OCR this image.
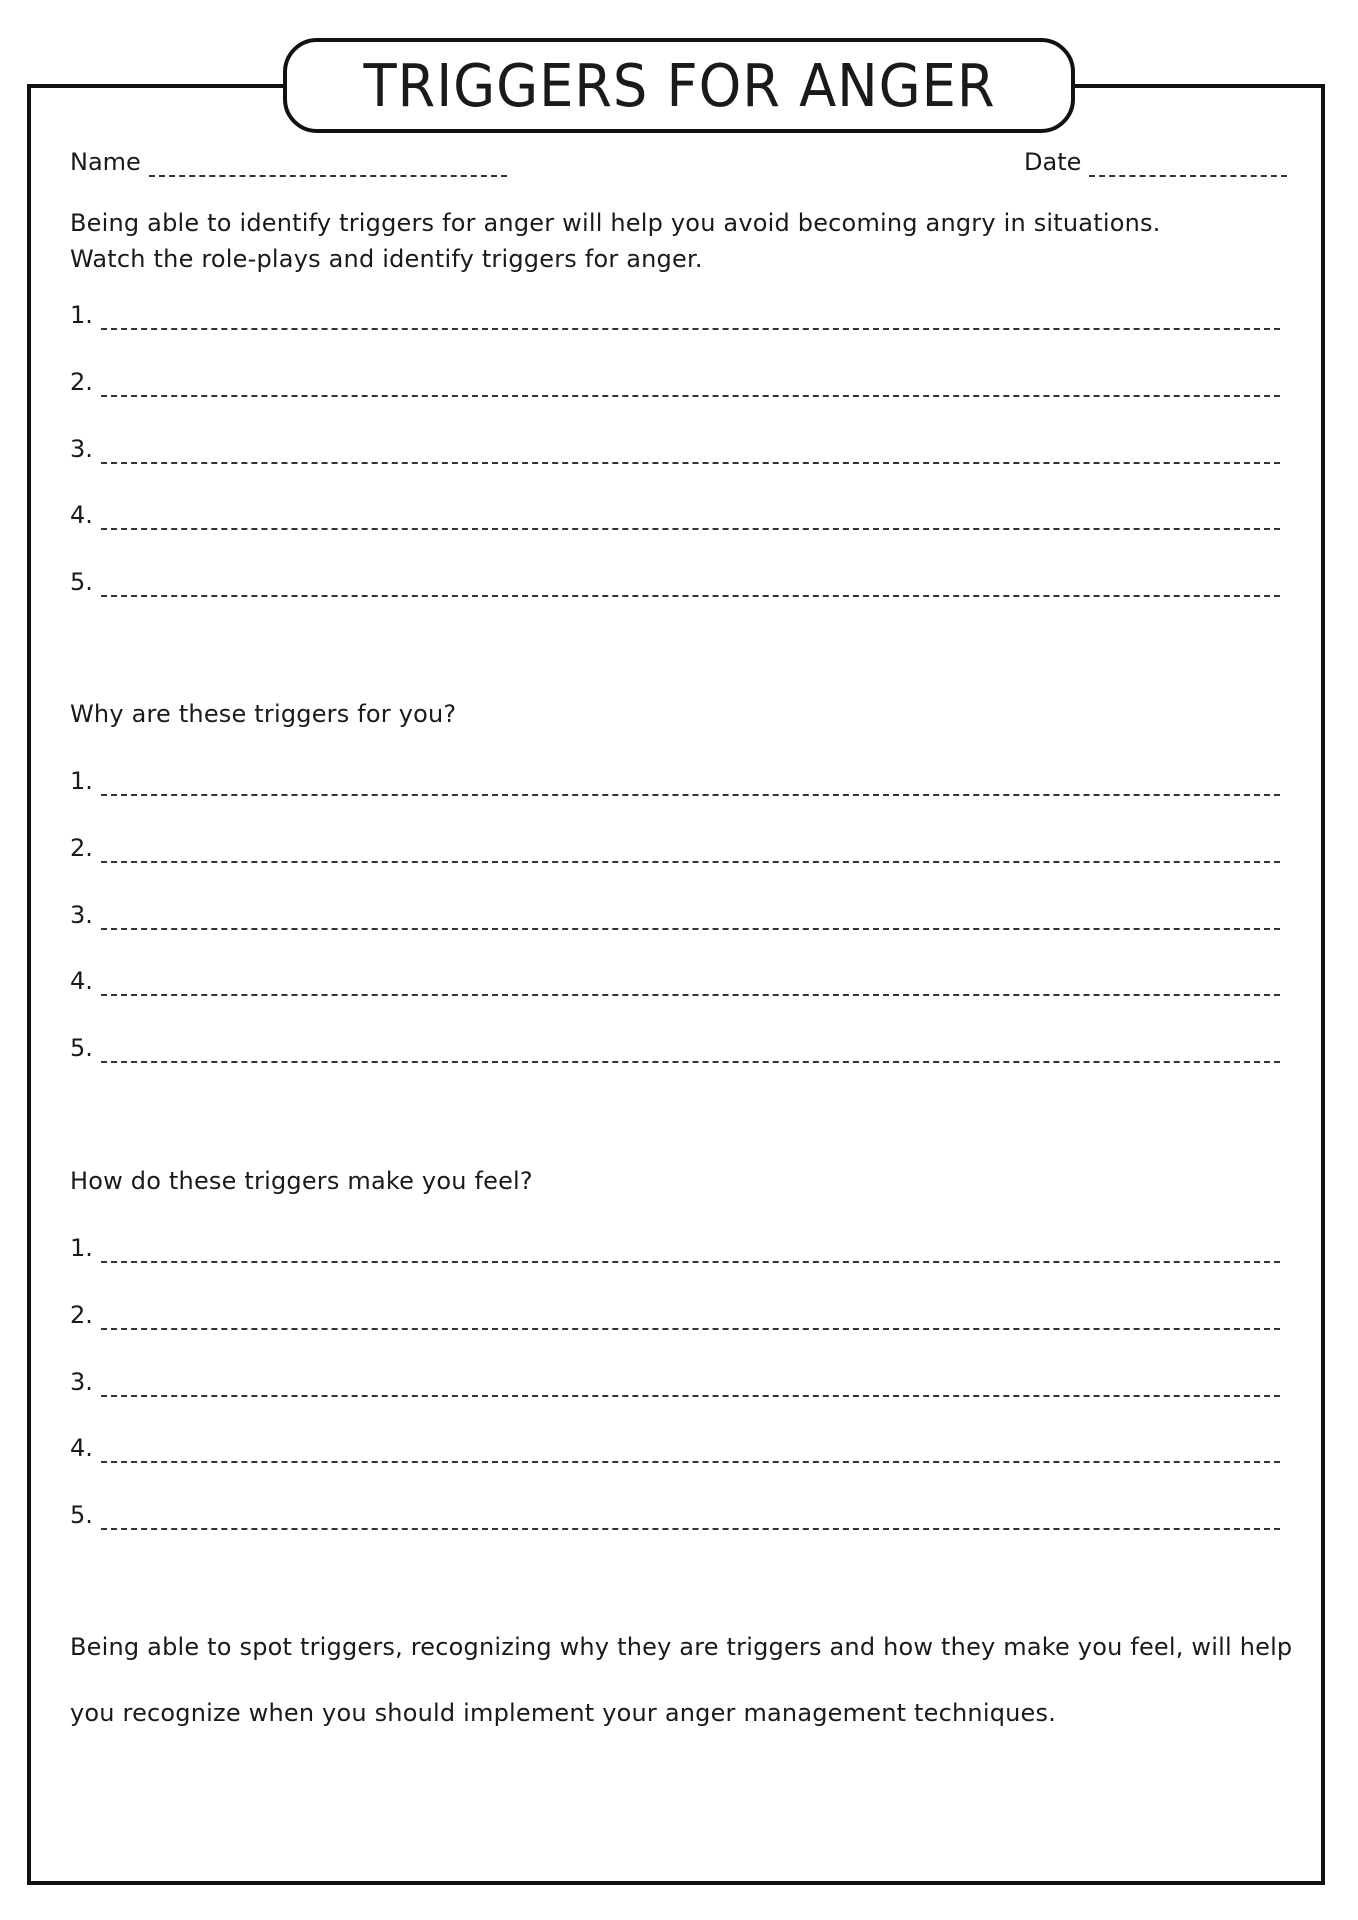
TRIGGERS FOR ANGER
Name	Date
Being able to identify triggers for anger will help you avoid becoming angry in situations.
Watch the role-plays and identify triggers for anger.
1.
2.
3.
4.
5.
Why are these triggers for you?
1.
2.
3.
4.
5.
How do these triggers make you feel?
1.
2.
3.
4.
5.
Being able to spot triggers, recognizing why they are triggers and how they make you feel, will help
you recognize when you should implement your anger management techniques.
